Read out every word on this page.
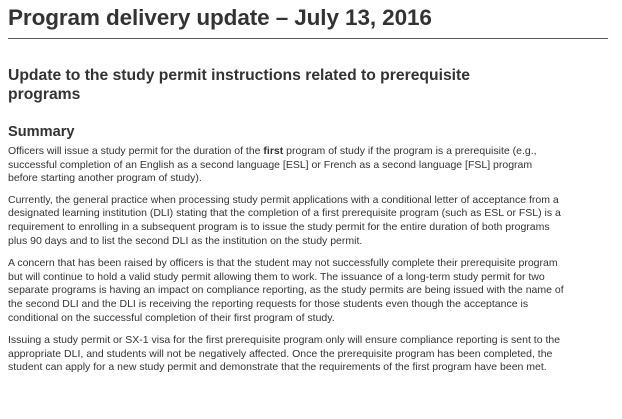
Program delivery update – July 13, 2016
Update to the study permit instructions related to prerequisite
programs
Summary

Officers will issue a study permit for the duration of the first program of study if the program is a prerequisite (e.g.,
successful completion of an English as a second language [ESL] or French as a second language [FSL] program
before starting another program of study).

Currently, the general practice when processing study permit applications with a conditional letter of acceptance from a
designated learning institution (DLI) stating that the completion of a first prerequisite program (such as ESL or FSL) is a
requirement to enrolling in a subsequent program is to issue the study permit for the entire duration of both programs
plus 90 days and to list the second DLI as the institution on the study permit.

A concern that has been raised by officers is that the student may not successfully complete their prerequisite program
but will continue to hold a valid study permit allowing them to work. The issuance of a long-term study permit for two
separate programs is having an impact on compliance reporting, as the study permits are being issued with the name of
the second DLI and the DLI is receiving the reporting requests for those students even though the acceptance is
conditional on the successful completion of their first program of study.

Issuing a study permit or SX-1 visa for the first prerequisite program only will ensure compliance reporting is sent to the
appropriate DLI, and students will not be negatively affected. Once the prerequisite program has been completed, the
student can apply for a new study permit and demonstrate that the requirements of the first program have been met.
